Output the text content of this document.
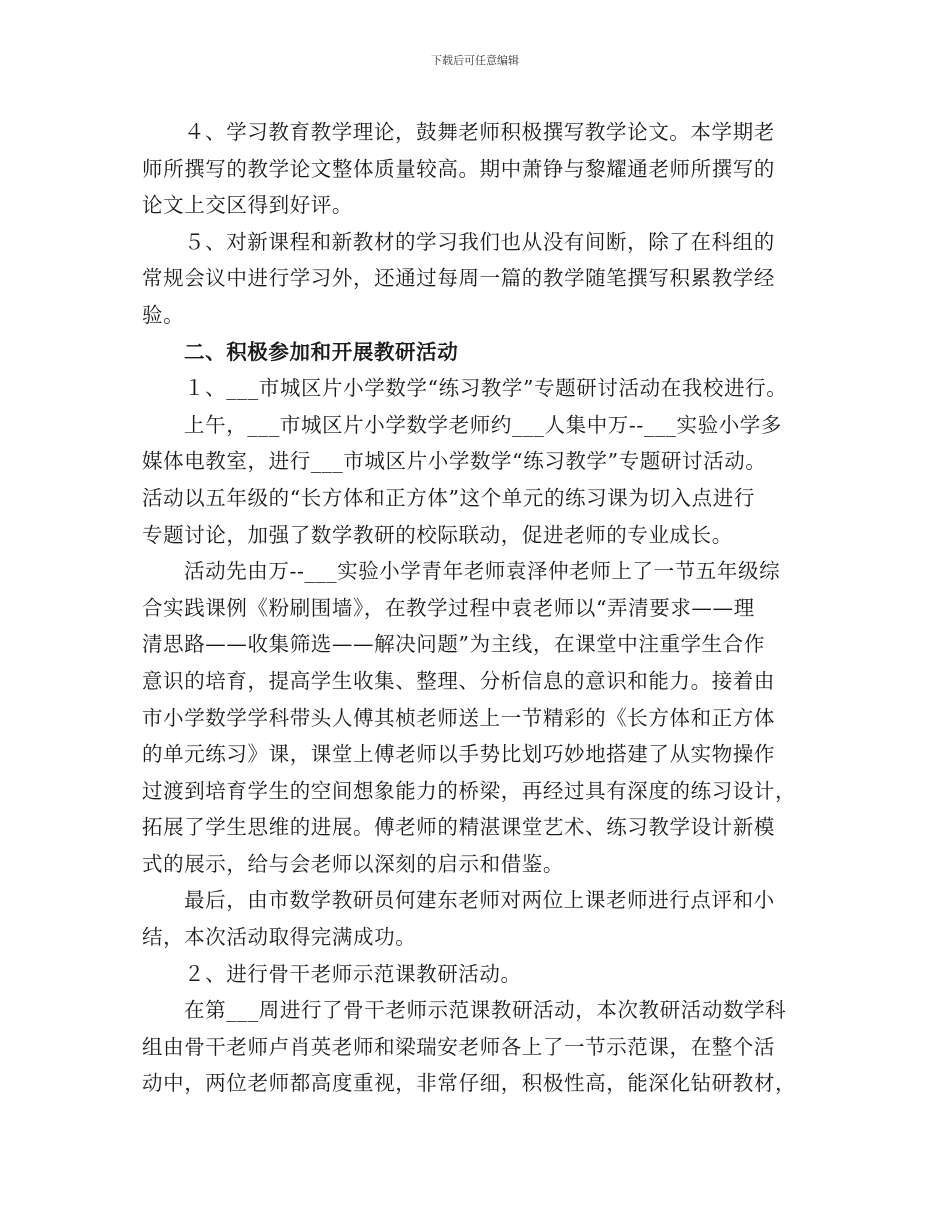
下载后可任意编辑

４、学习教育教学理论，鼓舞老师积极撰写教学论文。本学期老
师所撰写的教学论文整体质量较高。期中萧铮与黎耀通老师所撰写的
论文上交区得到好评。

５、对新课程和新教材的学习我们也从没有间断，除了在科组的
常规会议中进行学习外，还通过每周一篇的教学随笔撰写积累教学经
验。

二、积极参加和开展教研活动

１、___市城区片小学数学“练习教学”专题研讨活动在我校进行。

上午，___市城区片小学数学老师约___人集中万--___实验小学多
媒体电教室，进行___市城区片小学数学“练习教学”专题研讨活动。
活动以五年级的“长方体和正方体”这个单元的练习课为切入点进行
专题讨论，加强了数学教研的校际联动，促进老师的专业成长。

活动先由万--___实验小学青年老师袁泽仲老师上了一节五年级综
合实践课例《粉刷围墙》，在教学过程中袁老师以“弄清要求——理
清思路——收集筛选——解决问题”为主线，在课堂中注重学生合作
意识的培育，提高学生收集、整理、分析信息的意识和能力。接着由
市小学数学学科带头人傅其桢老师送上一节精彩的《长方体和正方体
的单元练习》课，课堂上傅老师以手势比划巧妙地搭建了从实物操作
过渡到培育学生的空间想象能力的桥梁，再经过具有深度的练习设计，
拓展了学生思维的进展。傅老师的精湛课堂艺术、练习教学设计新模
式的展示，给与会老师以深刻的启示和借鉴。

最后，由市数学教研员何建东老师对两位上课老师进行点评和小
结，本次活动取得完满成功。

２、进行骨干老师示范课教研活动。

在第___周进行了骨干老师示范课教研活动，本次教研活动数学科
组由骨干老师卢肖英老师和梁瑞安老师各上了一节示范课，在整个活
动中，两位老师都高度重视，非常仔细，积极性高，能深化钻研教材，
